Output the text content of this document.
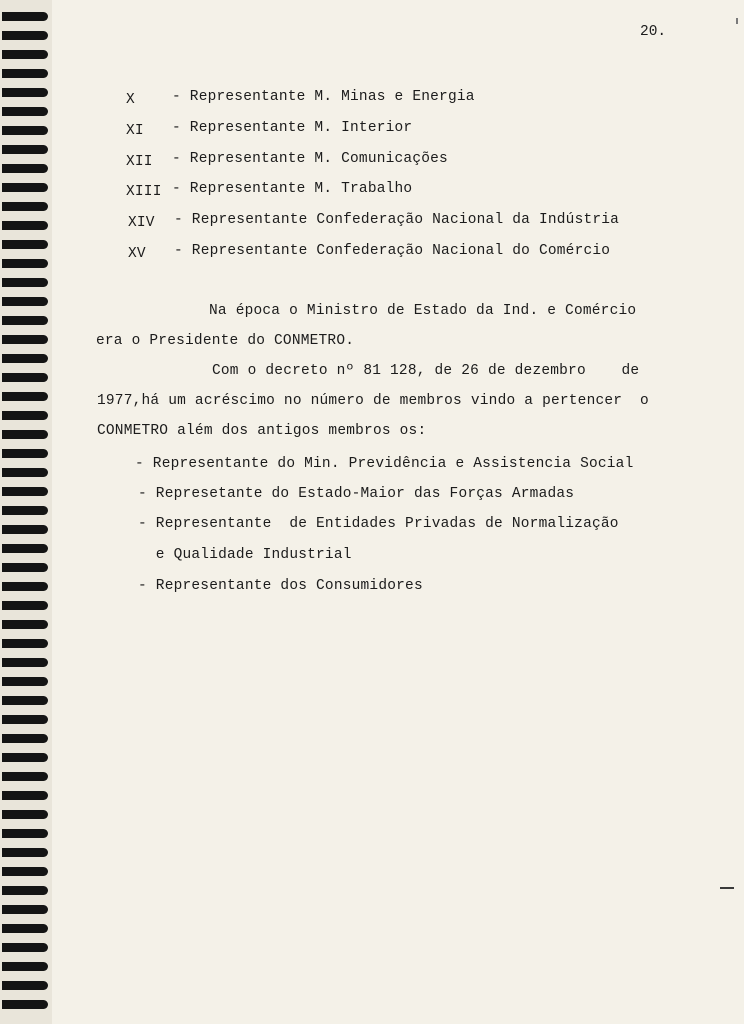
20.
X	- Representante M. Minas e Energia
XI - Representante M. Interior
XII - Representante M. Comunicações
XIII - Representante M. Trabalho
XIV - Representante Confederação Nacional da Indústria
XV - Representante Confederação Nacional do Comércio
Na época o Ministro de Estado da Ind. e Comércio
era o Presidente do CONMETRO.
Com o decreto nº 81 128, de 26 de dezembro    de
1977,há um acréscimo no número de membros vindo a pertencer  o
CONMETRO além dos antigos membros os:
- Representante do Min. Previdência e Assistencia Social
- Represetante do Estado-Maior das Forças Armadas
- Representante  de Entidades Privadas de Normalização
e Qualidade Industrial
- Representante dos Consumidores
